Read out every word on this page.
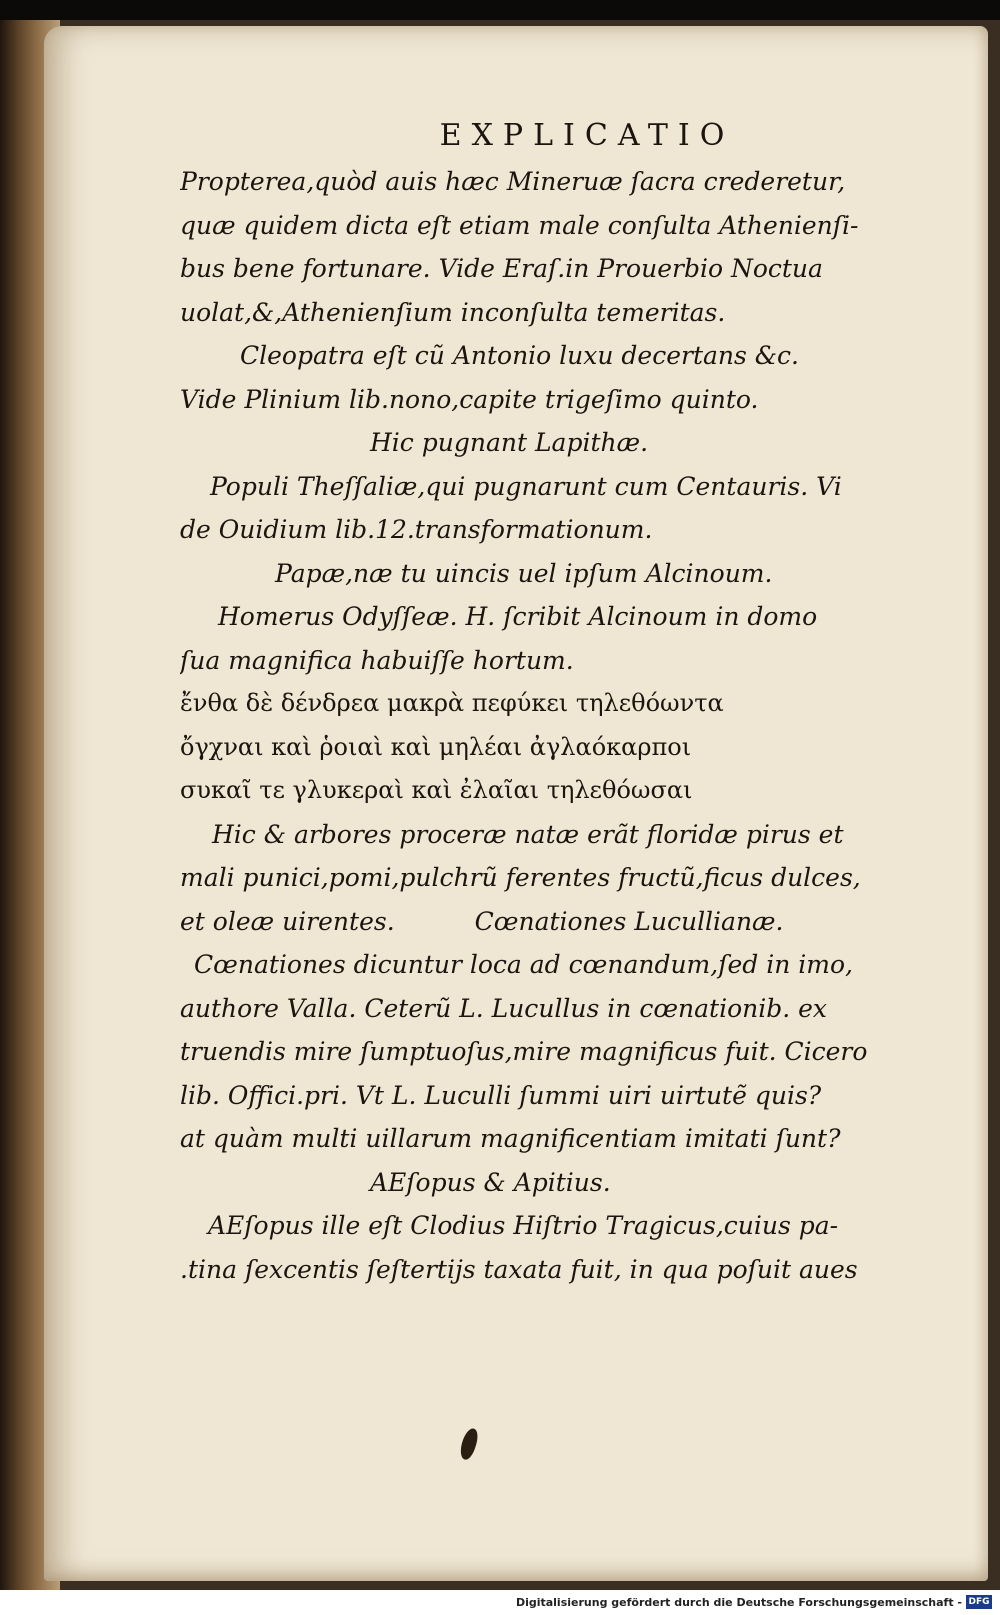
EXPLICATIO
Propterea,quòd auis hæc Mineruæ ſacra crederetur,
quæ quidem dicta eſt etiam male conſulta Athenienſi-
bus bene fortunare. Vide Eraſ.in Prouerbio Noctua
uolat,&,Athenienſium inconſulta temeritas.
Cleopatra eſt cũ Antonio luxu decertans &c.
Vide Plinium lib.nono,capite trigeſimo quinto.
Hic pugnant Lapithæ.
Populi Theſſaliæ,qui pugnarunt cum Centauris. Vi
de Ouidium lib.12.transformationum.
Papæ,næ tu uincis uel ipſum Alcinoum.
Homerus Odyſſeæ. H. ſcribit Alcinoum in domo
ſua magnifica habuiſſe hortum.
ἔνθα δὲ δένδρεα μακρὰ πεφύκει τηλεθόωντα
ὄγχναι καὶ ῥοιαὶ καὶ μηλέαι ἀγλαόκαρποι
συκαῖ τε γλυκεραὶ καὶ ἐλαῖαι τηλεθόωσαι
Hic & arbores proceræ natæ erãt floridæ pirus et
mali punici,pomi,pulchrũ ferentes fructũ,ficus dulces,
et oleæ uirentes.	Cœnationes Lucullianæ.
Cœnationes dicuntur loca ad cœnandum,ſed in imo,
authore Valla. Ceterũ L. Lucullus in cœnationib. ex
truendis mire ſumptuoſus,mire magnificus fuit. Cicero
lib. Offici.pri. Vt L. Luculli ſummi uiri uirtutẽ quis?
at quàm multi uillarum magnificentiam imitati ſunt?
AEſopus & Apitius.
AEſopus ille eſt Clodius Hiſtrio Tragicus,cuius pa-
.tina ſexcentis ſeſtertijs taxata fuit, in qua poſuit aues
Digitalisierung gefördert durch die Deutsche Forschungsgemeinschaft - DFG
